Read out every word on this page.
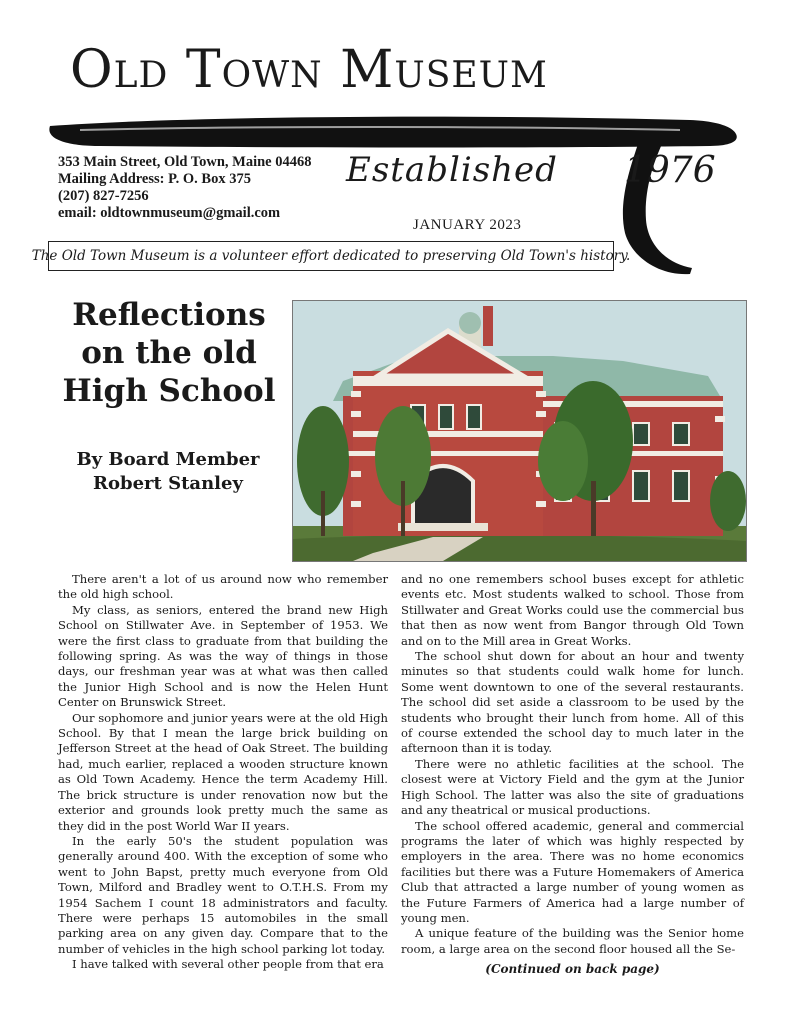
Old Town Museum
353 Main Street, Old Town, Maine 04468
Mailing Address: P. O. Box 375
(207) 827-7256
email: oldtownmuseum@gmail.com
Established 1976
JANUARY 2023
The Old Town Museum is a volunteer effort dedicated to preserving Old Town's history.
Reflections
on the old
High School
By Board Member
Robert Stanley

There aren't a lot of us around now who remember the old high school.

My class, as seniors, entered the brand new High School on Stillwater Ave. in September of 1953. We were the first class to graduate from that building the following spring. As was the way of things in those days, our freshman year was at what was then called the Junior High School and is now the Helen Hunt Center on Brunswick Street.

Our sophomore and junior years were at the old High School. By that I mean the large brick building on Jefferson Street at the head of Oak Street. The building had, much earlier, replaced a wooden structure known as Old Town Academy. Hence the term Academy Hill. The brick structure is under renovation now but the exterior and grounds look pretty much the same as they did in the post World War II years.

In the early 50's the student population was generally around 400. With the exception of some who went to John Bapst, pretty much everyone from Old Town, Milford and Bradley went to O.T.H.S. From my 1954 Sachem I count 18 administrators and faculty. There were perhaps 15 automobiles in the small parking area on any given day. Compare that to the number of vehicles in the high school parking lot today.

I have talked with several other people from that era

and no one remembers school buses except for athletic events etc. Most students walked to school. Those from Stillwater and Great Works could use the commercial bus that then as now went from Bangor through Old Town and on to the Mill area in Great Works.

The school shut down for about an hour and twenty minutes so that students could walk home for lunch. Some went downtown to one of the several restaurants. The school did set aside a classroom to be used by the students who brought their lunch from home. All of this of course extended the school day to much later in the afternoon than it is today.

There were no athletic facilities at the school. The closest were at Victory Field and the gym at the Junior High School. The latter was also the site of graduations and any theatrical or musical productions.

The school offered academic, general and commercial programs the later of which was highly respected by employers in the area. There was no home economics facilities but there was a Future Homemakers of America Club that attracted a large number of young women as the Future Farmers of America had a large number of young men.

A unique feature of the building was the Senior home room, a large area on the second floor housed all the Se-

(Continued on back page)
